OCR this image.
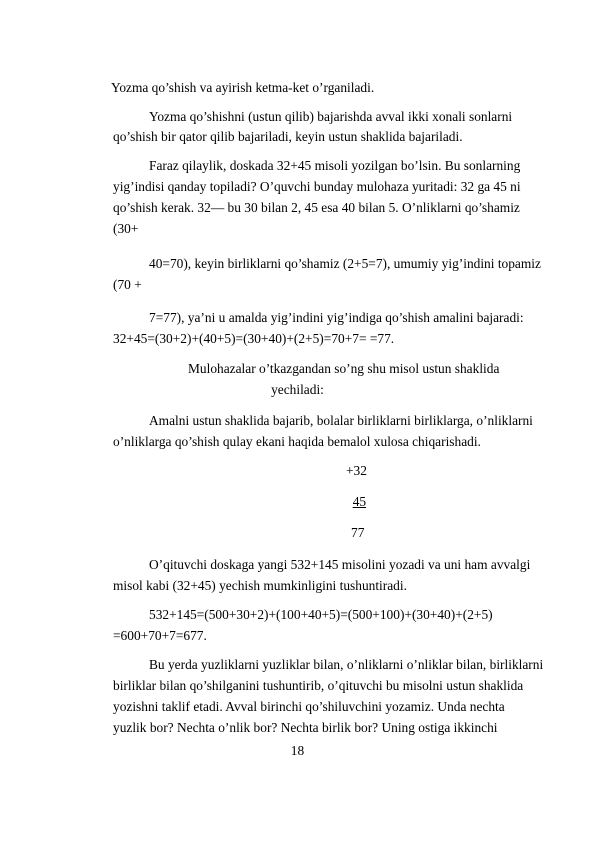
Yozma qo’shish va ayirish ketma-ket o’rganiladi.
Yozma qo’shishni (ustun qilib) bajarishda avval ikki xonali sonlarni
qo’shish bir qator qilib bajariladi, keyin ustun shaklida bajariladi.
Faraz qilaylik, doskada 32+45 misoli yozilgan bo’lsin. Bu sonlarning
yig’indisi qanday topiladi? O’quvchi bunday mulohaza yuritadi: 32 ga 45 ni
qo’shish kerak. 32— bu 30 bilan 2, 45 esa 40 bilan 5. O’nliklarni qo’shamiz
(30+
40=70), keyin birliklarni qo’shamiz (2+5=7), umumiy yig’indini topamiz
(70 +
7=77), ya’ni u amalda yig’indini yig’indiga qo’shish amalini bajaradi:
32+45=(30+2)+(40+5)=(30+40)+(2+5)=70+7= =77.
Mulohazalar o’tkazgandan so’ng shu misol ustun shaklida
yechiladi:
Amalni ustun shaklida bajarib, bolalar birliklarni birliklarga, o’nliklarni
o’nliklarga qo’shish qulay ekani haqida bemalol xulosa chiqarishadi.
+32
45
77
O’qituvchi doskaga yangi 532+145 misolini yozadi va uni ham avvalgi
misol kabi (32+45) yechish mumkinligini tushuntiradi.
532+145=(500+30+2)+(100+40+5)=(500+100)+(30+40)+(2+5)
=600+70+7=677.
Bu yerda yuzliklarni yuzliklar bilan, o’nliklarni o’nliklar bilan, birliklarni
birliklar bilan qo’shilganini tushuntirib, o’qituvchi bu misolni ustun shaklida
yozishni taklif etadi. Avval birinchi qo’shiluvchini yozamiz. Unda nechta
yuzlik bor? Nechta o’nlik bor? Nechta birlik bor? Uning ostiga ikkinchi
18
